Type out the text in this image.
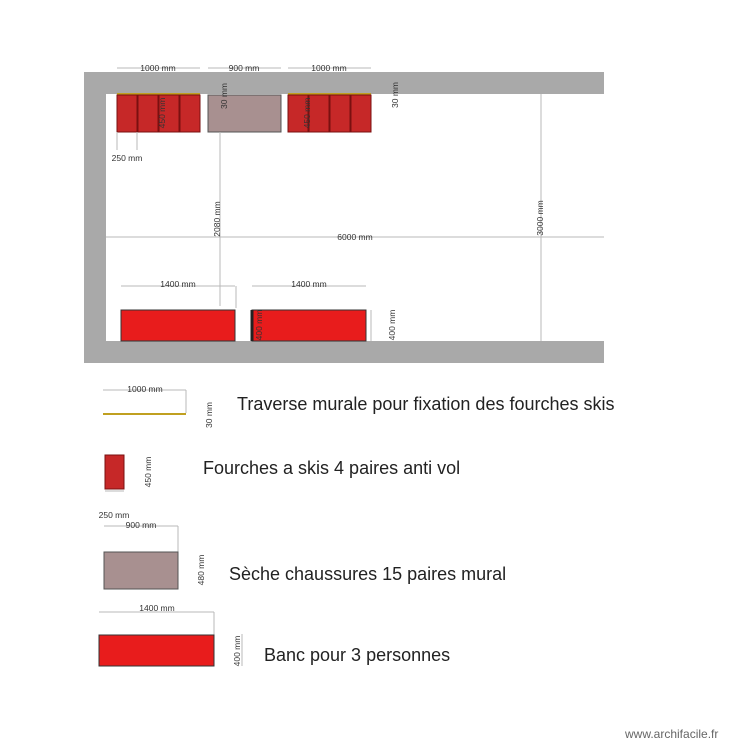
1000 mm	900 mm	1000 mm
450 mm
30 mm
450 mm
30 mm
250 mm
2080 mm
6000 mm
3000 mm
1400 mm	1400 mm
400 mm	400 mm
1000 mm
30 mm
450 mm
250 mm
900 mm
480 mm
1400 mm
400 mm
Traverse murale pour fixation des fourches skis
Fourches a skis 4 paires anti vol
Sèche chaussures 15 paires mural
Banc pour 3 personnes
www.archifacile.fr
